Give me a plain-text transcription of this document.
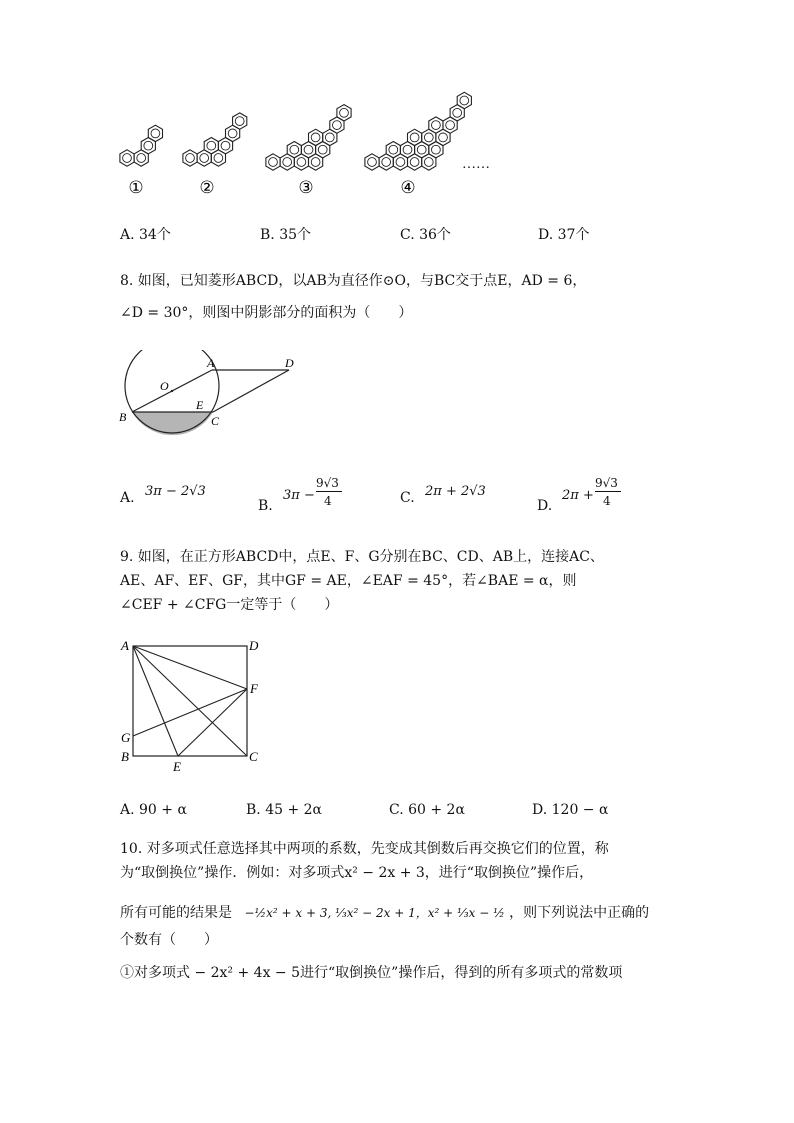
①	②	③	④
……
A. 34个	B. 35个	C. 36个	D. 37个
8. 如图，已知菱形ABCD，以AB为直径作⊙O，与BC交于点E，AD = 6，
∠D = 30°，则图中阴影部分的面积为（　　）
A	D
O
B
E
C
A. 3π − 2√3
B.
3π −
9√3
4	C. 2π + 2√3
D.
2π +
9√3
4
9. 如图，在正方形ABCD中，点E、F、G分别在BC、CD、AB上，连接AC、
AE、AF、EF、GF，其中GF = AE，∠EAF = 45°，若∠BAE = α，则
∠CEF + ∠CFG一定等于（　　）
A	D
F
G
B
E
C
A. 90 + α	B. 45 + 2α	C. 60 + 2α	D. 120 − α
10. 对多项式任意选择其中两项的系数，先变成其倒数后再交换它们的位置，称
为“取倒换位”操作．例如：对多项式x² − 2x + 3，进行“取倒换位”操作后，
所有可能的结果是 −½x² + x + 3, ⅓x² − 2x + 1，x² + ⅓x − ½ ，则下列说法中正确的
个数有（　　）
①对多项式 − 2x² + 4x − 5进行“取倒换位”操作后，得到的所有多项式的常数项
